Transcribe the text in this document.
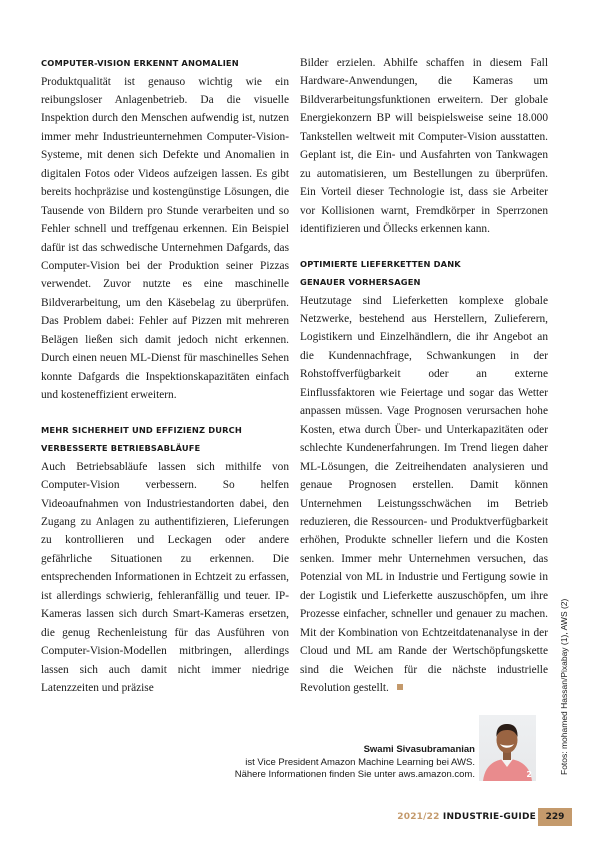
COMPUTER-VISION ERKENNT ANOMALIEN

Produktqualität ist genauso wichtig wie ein reibungsloser Anlagenbetrieb. Da die visuelle Inspektion durch den Menschen aufwendig ist, nutzen immer mehr Industrieunternehmen Computer-Vision-Systeme, mit denen sich Defekte und Anomalien in digitalen Fotos oder Videos aufzeigen lassen. Es gibt bereits hochpräzise und kostengünstige Lösungen, die Tausende von Bildern pro Stunde verarbeiten und so Fehler schnell und treffgenau erkennen. Ein Beispiel dafür ist das schwedische Unternehmen Dafgards, das Computer-Vision bei der Produktion seiner Pizzas verwendet. Zuvor nutzte es eine maschinelle Bildverarbeitung, um den Käsebelag zu überprüfen. Das Problem dabei: Fehler auf Pizzen mit mehreren Belägen ließen sich damit jedoch nicht erkennen. Durch einen neuen ML-Dienst für maschinelles Sehen konnte Dafgards die Inspektionskapazitäten einfach und kosteneffizient erweitern.

MEHR SICHERHEIT UND EFFIZIENZ DURCH

VERBESSERTE BETRIEBSABLÄUFE

Auch Betriebsabläufe lassen sich mithilfe von Computer-Vision verbessern. So helfen Videoaufnahmen von Industriestandorten dabei, den Zugang zu Anlagen zu authentifizieren, Lieferungen zu kontrollieren und Leckagen oder andere gefährliche Situationen zu erkennen. Die entsprechenden Informationen in Echtzeit zu erfassen, ist allerdings schwierig, fehleranfällig und teuer. IP-Kameras lassen sich durch Smart-Kameras ersetzen, die genug Rechenleistung für das Ausführen von Computer-Vision-Modellen mitbringen, allerdings lassen sich auch damit nicht immer niedrige Latenzzeiten und präzise

Bilder erzielen. Abhilfe schaffen in diesem Fall Hardware-Anwendungen, die Kameras um Bildverarbeitungsfunktionen erweitern. Der globale Energiekonzern BP will beispielsweise seine 18.000 Tankstellen weltweit mit Computer-Vision ausstatten. Geplant ist, die Ein- und Ausfahrten von Tankwagen zu automatisieren, um Bestellungen zu überprüfen. Ein Vorteil dieser Technologie ist, dass sie Arbeiter vor Kollisionen warnt, Fremdkörper in Sperrzonen identifizieren und Öllecks erkennen kann.

OPTIMIERTE LIEFERKETTEN DANK

GENAUER VORHERSAGEN

Heutzutage sind Lieferketten komplexe globale Netzwerke, bestehend aus Herstellern, Zulieferern, Logistikern und Einzelhändlern, die ihr Angebot an die Kundennachfrage, Schwankungen in der Rohstoffverfügbarkeit oder an externe Einflussfaktoren wie Feiertage und sogar das Wetter anpassen müssen. Vage Prognosen verursachen hohe Kosten, etwa durch Über- und Unterkapazitäten oder schlechte Kundenerfahrungen. Im Trend liegen daher ML-Lösungen, die Zeitreihendaten analysieren und genaue Prognosen erstellen. Damit können Unternehmen Leistungsschwächen im Betrieb reduzieren, die Ressourcen- und Produktverfügbarkeit erhöhen, Produkte schneller liefern und die Kosten senken. Immer mehr Unternehmen versuchen, das Potenzial von ML in Industrie und Fertigung sowie in der Logistik und Lieferkette auszuschöpfen, um ihre Prozesse einfacher, schneller und genauer zu machen. Mit der Kombination von Echtzeitdatenanalyse in der Cloud und ML am Rande der Wertschöpfungskette sind die Weichen für die nächste industrielle Revolution gestellt.

Swami Sivasubramanian
ist Vice President Amazon Machine Learning bei AWS.
Nähere Informationen finden Sie unter aws.amazon.com.	2	Fotos: mohamed Hassan/Pixabay (1), AWS (2)
2021/22 INDUSTRIE-GUIDE	229
